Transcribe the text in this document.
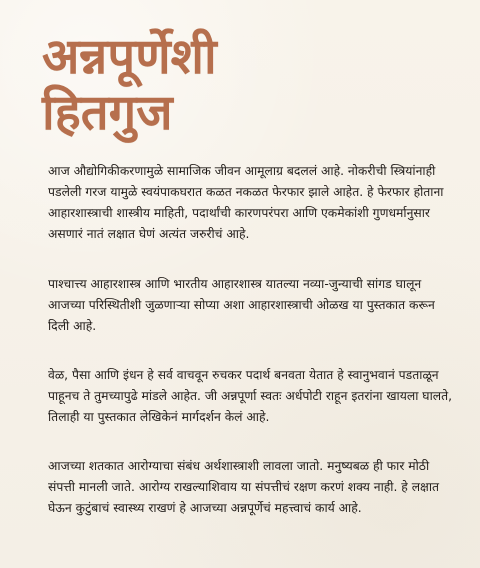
अन्नपूर्णेशी
हितगुज

आज औद्योगिकीकरणामुळे सामाजिक जीवन आमूलाग्र बदललं आहे. नोकरीची स्त्रियांनाही पडलेली गरज यामुळे स्वयंपाकघरात कळत नकळत फेरफार झाले आहेत. हे फेरफार होताना आहारशास्त्राची शास्त्रीय माहिती, पदार्थांची कारणपरंपरा आणि एकमेकांशी गुणधर्मानुसार असणारं नातं लक्षात घेणं अत्यंत जरुरीचं आहे.

पाश्चात्त्य आहारशास्त्र आणि भारतीय आहारशास्त्र यातल्या नव्या-जुन्याची सांगड घालून आजच्या परिस्थितीशी जुळणाऱ्या सोप्या अशा आहारशास्त्राची ओळख या पुस्तकात करून दिली आहे.

वेळ, पैसा आणि इंधन हे सर्व वाचवून रुचकर पदार्थ बनवता येतात हे स्वानुभवानं पडताळून पाहूनच ते तुमच्यापुढे मांडले आहेत. जी अन्नपूर्णा स्वतः अर्धपोटी राहून इतरांना खायला घालते, तिलाही या पुस्तकात लेखिकेनं मार्गदर्शन केलं आहे.

आजच्या शतकात आरोग्याचा संबंध अर्थशास्त्राशी लावला जातो. मनुष्यबळ ही फार मोठी संपत्ती मानली जाते. आरोग्य राखल्याशिवाय या संपत्तीचं रक्षण करणं शक्य नाही. हे लक्षात घेऊन कुटुंबाचं स्वास्थ्य राखणं हे आजच्या अन्नपूर्णेचं महत्त्वाचं कार्य आहे.
